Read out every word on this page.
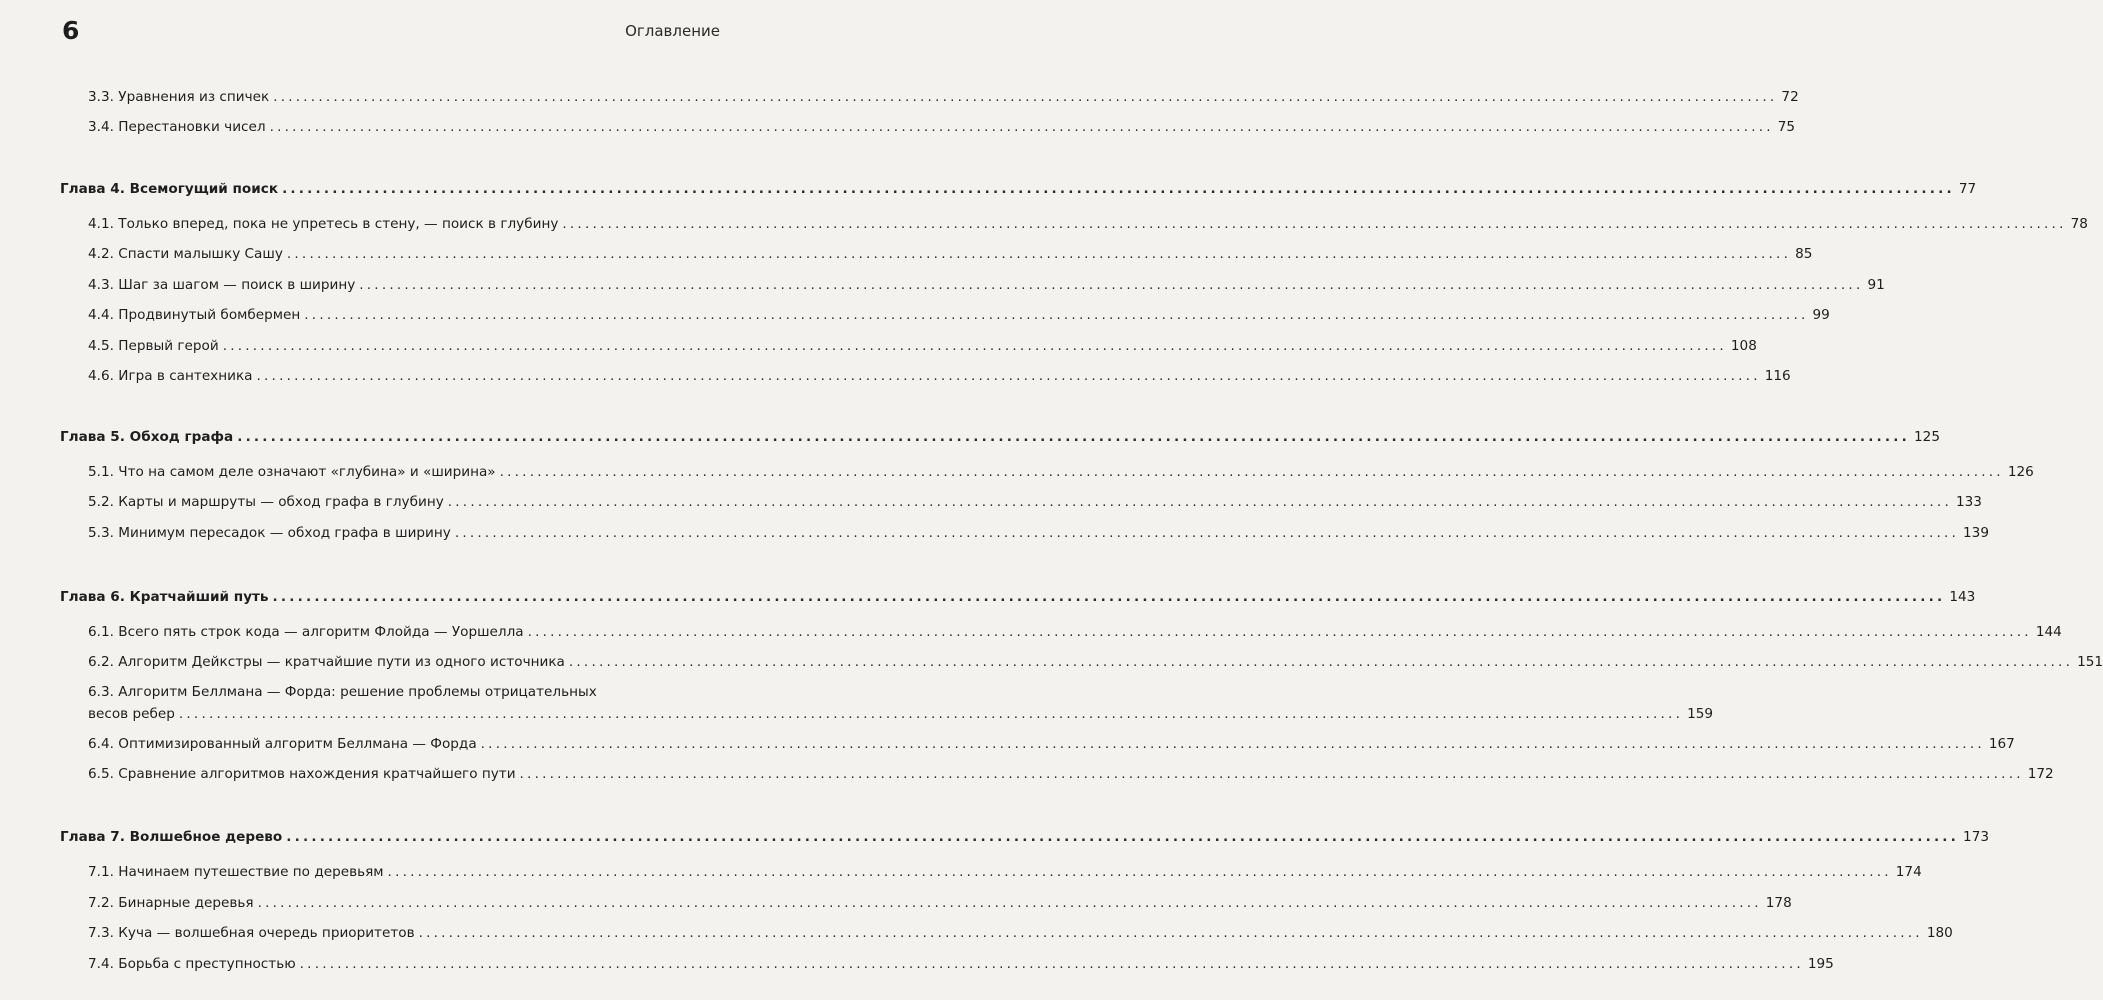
6	Оглавление
3.3. Уравнения из спичек ........................................................................................................................................................................................................ 72
3.4. Перестановки чисел ........................................................................................................................................................................................................ 75
Глава 4. Всемогущий поиск ........................................................................................................................................................................................................ 77
4.1. Только вперед, пока не упретесь в стену, — поиск в глубину ........................................................................................................................................................................................................ 78
4.2. Спасти малышку Сашу ........................................................................................................................................................................................................ 85
4.3. Шаг за шагом — поиск в ширину ........................................................................................................................................................................................................ 91
4.4. Продвинутый бомбермен ........................................................................................................................................................................................................ 99
4.5. Первый герой ........................................................................................................................................................................................................ 108
4.6. Игра в сантехника ........................................................................................................................................................................................................ 116
Глава 5. Обход графа ........................................................................................................................................................................................................ 125
5.1. Что на самом деле означают «глубина» и «ширина» ........................................................................................................................................................................................................ 126
5.2. Карты и маршруты — обход графа в глубину ........................................................................................................................................................................................................ 133
5.3. Минимум пересадок — обход графа в ширину ........................................................................................................................................................................................................ 139
Глава 6. Кратчайший путь ........................................................................................................................................................................................................ 143
6.1. Всего пять строк кода — алгоритм Флойда — Уоршелла ........................................................................................................................................................................................................ 144
6.2. Алгоритм Дейкстры — кратчайшие пути из одного источника ........................................................................................................................................................................................................ 151
6.3. Алгоритм Беллмана — Форда: решение проблемы отрицательных
весов ребер ........................................................................................................................................................................................................ 159
6.4. Оптимизированный алгоритм Беллмана — Форда ........................................................................................................................................................................................................ 167
6.5. Сравнение алгоритмов нахождения кратчайшего пути ........................................................................................................................................................................................................ 172
Глава 7. Волшебное дерево ........................................................................................................................................................................................................ 173
7.1. Начинаем путешествие по деревьям ........................................................................................................................................................................................................ 174
7.2. Бинарные деревья ........................................................................................................................................................................................................ 178
7.3. Куча — волшебная очередь приоритетов ........................................................................................................................................................................................................ 180
7.4. Борьба с преступностью ........................................................................................................................................................................................................ 195
